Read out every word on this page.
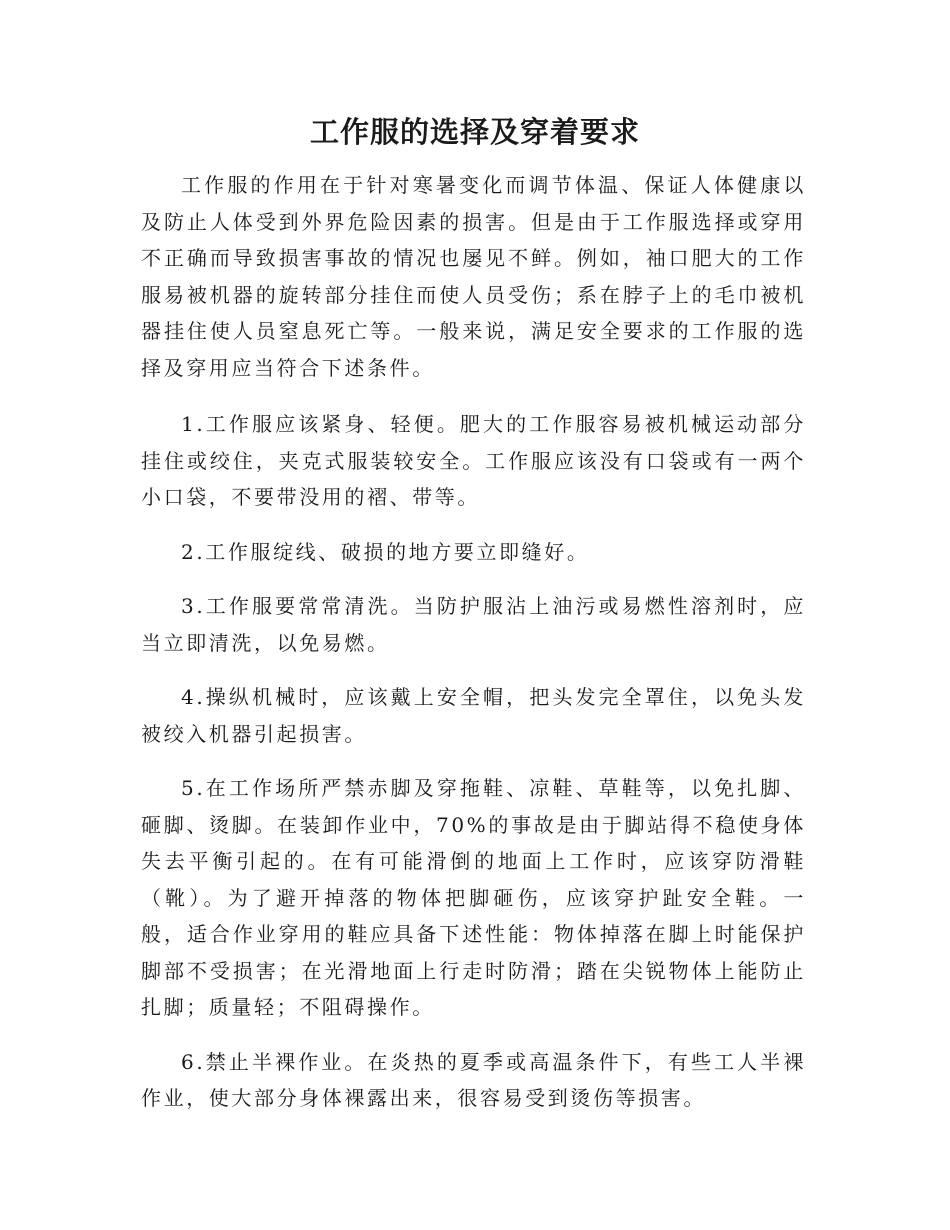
工作服的选择及穿着要求

工作服的作用在于针对寒暑变化而调节体温、保证人体健康以及防止人体受到外界危险因素的损害。但是由于工作服选择或穿用不正确而导致损害事故的情况也屡见不鲜。例如，袖口肥大的工作服易被机器的旋转部分挂住而使人员受伤；系在脖子上的毛巾被机器挂住使人员窒息死亡等。一般来说，满足安全要求的工作服的选择及穿用应当符合下述条件。

1.工作服应该紧身、轻便。肥大的工作服容易被机械运动部分挂住或绞住，夹克式服装较安全。工作服应该没有口袋或有一两个小口袋，不要带没用的褶、带等。

2.工作服绽线、破损的地方要立即缝好。

3.工作服要常常清洗。当防护服沾上油污或易燃性溶剂时，应当立即清洗，以免易燃。

4.操纵机械时，应该戴上安全帽，把头发完全罩住，以免头发被绞入机器引起损害。

5.在工作场所严禁赤脚及穿拖鞋、凉鞋、草鞋等，以免扎脚、砸脚、烫脚。在装卸作业中，70%的事故是由于脚站得不稳使身体失去平衡引起的。在有可能滑倒的地面上工作时，应该穿防滑鞋（靴）。为了避开掉落的物体把脚砸伤，应该穿护趾安全鞋。一般，适合作业穿用的鞋应具备下述性能：物体掉落在脚上时能保护脚部不受损害；在光滑地面上行走时防滑；踏在尖锐物体上能防止扎脚；质量轻；不阻碍操作。

6.禁止半裸作业。在炎热的夏季或高温条件下，有些工人半裸作业，使大部分身体裸露出来，很容易受到烫伤等损害。
